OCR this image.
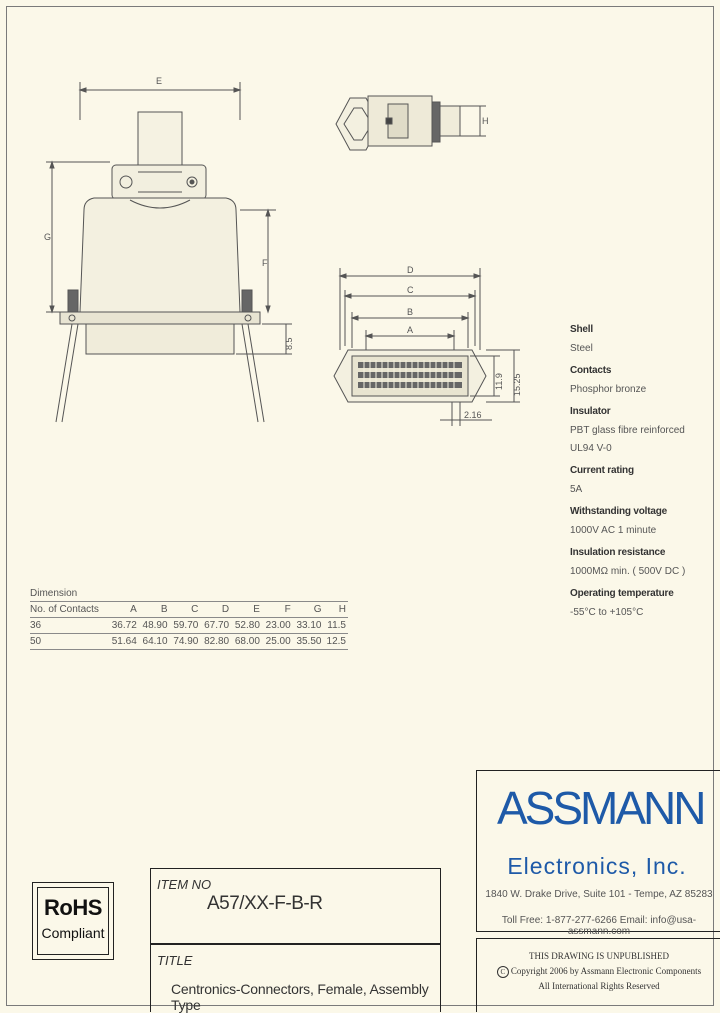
E
G
F
H
D
C
B
A
8.5
11.9 15.25
2.16
Dimension								
No. of Contacts	A	B	C	D	E	F	G	H
36	36.72	48.90	59.70	67.70	52.80	23.00	33.10	11.5
50	51.64	64.10	74.90	82.80	68.00	25.00	35.50	12.5
Shell
Steel
Contacts
Phosphor bronze
Insulator
PBT glass fibre reinforced
UL94 V-0
Current rating
5A
Withstanding voltage
1000V AC 1 minute
Insulation resistance
1000MΩ min. ( 500V DC )
Operating temperature
-55°C to +105°C
ASSMANN
Electronics, Inc.
1840 W. Drake Drive, Suite 101 - Tempe, AZ 85283
Toll Free: 1-877-277-6266 Email: info@usa-assmann.com
THIS DRAWING IS UNPUBLISHED
C Copyright 2006 by Assmann Electronic Components
All International Rights Reserved
ITEM NO
A57/XX-F-B-R
TITLE
Centronics-Connectors, Female, Assembly Type
RoHS
Compliant
